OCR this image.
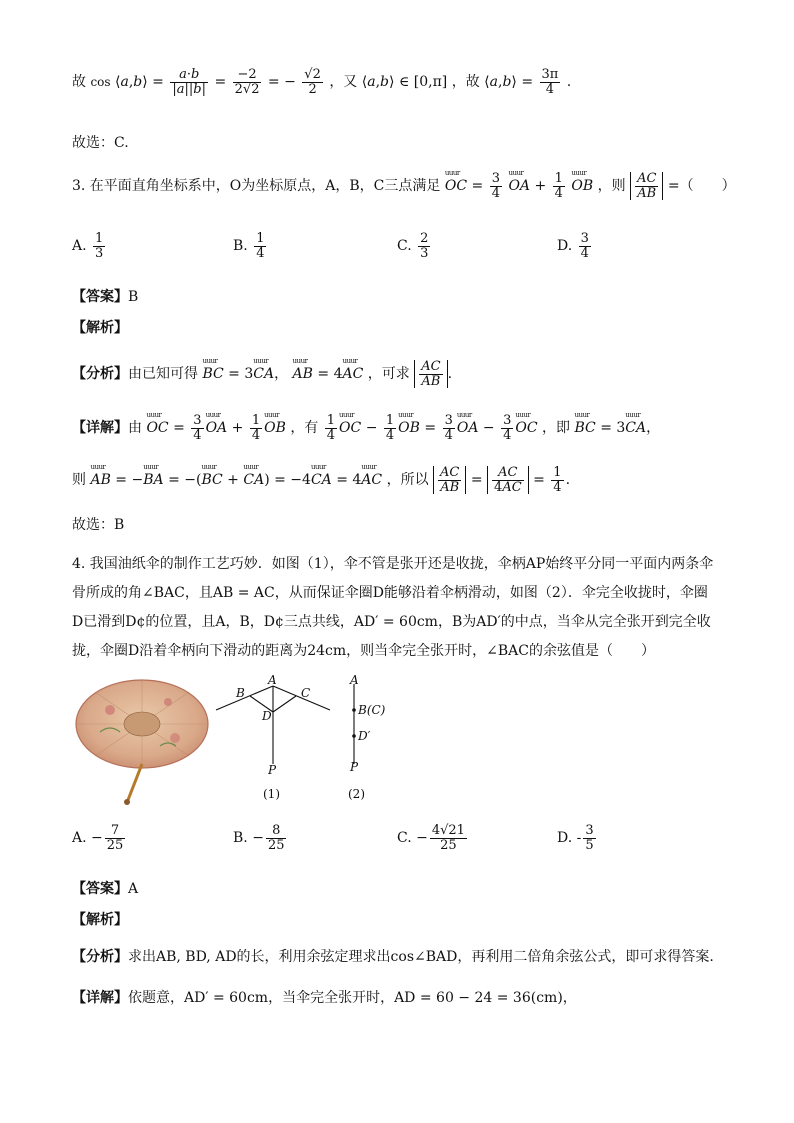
故 cos ⟨a,b⟩ = $\frac{a\cdot b}{|a||b|} = \frac{-2}{2√2}$ = − $\frac{√2}{2}$ ，又 ⟨a,b⟩ ∈ [0,π] ，故 ⟨a,b⟩ = $\frac{3\pi}{4}$ .
故选：C.
3. 在平面直角坐标系中，O为坐标原点，A，B，C三点满足 uuur OC = $\frac{3}{4}$ uuur OA + $\frac{1}{4}$ uuur OB ，则 $\frac{AC}{AB}$ =（　　）
A. $\frac{1}{3}$	B. $\frac{1}{4}$	C. $\frac{2}{3}$	D. $\frac{3}{4}$
【答案】B
【解析】
【分析】由已知可得 uuur BC = 3uuur CA， uuur AB = 4uuur AC ，可求 $\frac{AC}{AB}$ .
【详解】由 uuur OC = $\frac{3}{4}$ uuur OA + $\frac{1}{4}$ uuur OB ，有 $\frac{1}{4}$ uuur OC − $\frac{1}{4}$ uuur OB = $\frac{3}{4}$ uuur OA − $\frac{3}{4}$ uuur OC ，即 uuur BC = 3uuur CA，
则 uuur AB = −uuur BA = −(uuur BC + uuur CA) = −4uuur CA = 4uuur AC ，所以 $\frac{AC}{AB} = \frac{AC}{4AC} = \frac{1}{4}$ .
故选：B
4. 我国油纸伞的制作工艺巧妙．如图（1），伞不管是张开还是收拢，伞柄AP始终平分同一平面内两条伞
骨所成的角∠BAC，且AB = AC，从而保证伞圈D能够沿着伞柄滑动，如图（2）．伞完全收拢时，伞圈
D已滑到D¢的位置，且A，B，D¢三点共线，AD′ = 60cm，B为AD′的中点，当伞从完全张开到完全收
拢，伞圈D沿着伞柄向下滑动的距离为24cm，则当伞完全张开时，∠BAC的余弦值是（　　）
A
B	C
D
P
(1)
A
B(C)
D′
P
(2)
A. − $\frac{7}{25}$	B. − $\frac{8}{25}$	C. − $\frac{4√21}{25}$	D. - $\frac{3}{5}$
【答案】A
【解析】
【分析】求出AB, BD, AD的长，利用余弦定理求出cos∠BAD，再利用二倍角余弦公式，即可求得答案.
【详解】依题意，AD′ = 60cm，当伞完全张开时，AD = 60 − 24 = 36(cm)，
